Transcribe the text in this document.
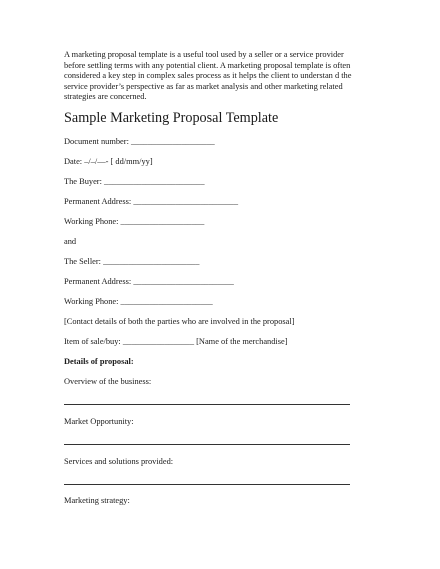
A marketing proposal template is a useful tool used by a seller or a service provider
before settling terms with any potential client. A marketing proposal template is often
considered a key step in complex sales process as it helps the client to understan d the
service provider’s perspective as far as market analysis and other marketing related
strategies are concerned.
Sample Marketing Proposal Template
Document number: ____________________
Date: –/–/—- [ dd/mm/yy]
The Buyer: ________________________
Permanent Address: _________________________
Working Phone: ____________________
and
The Seller: _______________________
Permanent Address: ________________________
Working Phone: ______________________
[Contact details of both the parties who are involved in the proposal]
Item of sale/buy: _________________ [Name of the merchandise]
Details of proposal:
Overview of the business:
Market Opportunity:
Services and solutions provided:
Marketing strategy:
